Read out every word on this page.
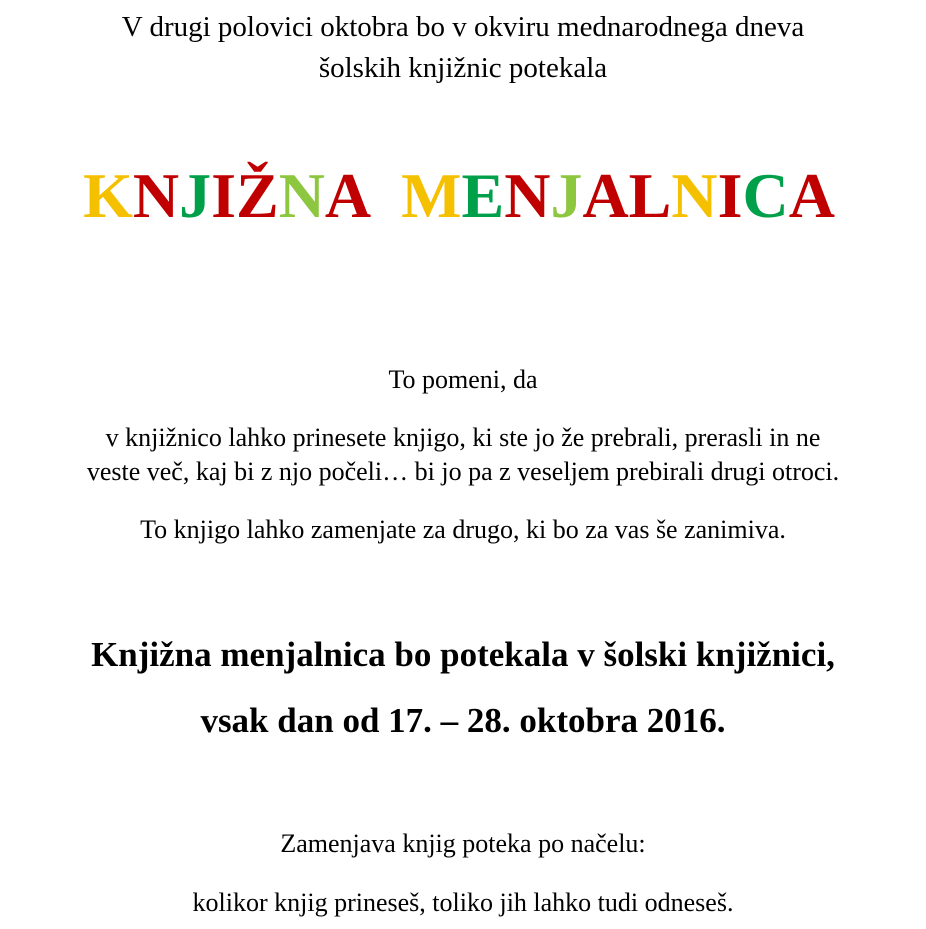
V drugi polovici oktobra bo v okviru mednarodnega dneva

šolskih knjižnic potekala

KNJIŽNA MENJALNICA

To pomeni, da

v knjižnico lahko prinesete knjigo, ki ste jo že prebrali, prerasli in ne

veste več, kaj bi z njo počeli… bi jo pa z veseljem prebirali drugi otroci.

To knjigo lahko zamenjate za drugo, ki bo za vas še zanimiva.

Knjižna menjalnica bo potekala v šolski knjižnici,

vsak dan od 17. – 28. oktobra 2016.

Zamenjava knjig poteka po načelu:

kolikor knjig prineseš, toliko jih lahko tudi odneseš.
